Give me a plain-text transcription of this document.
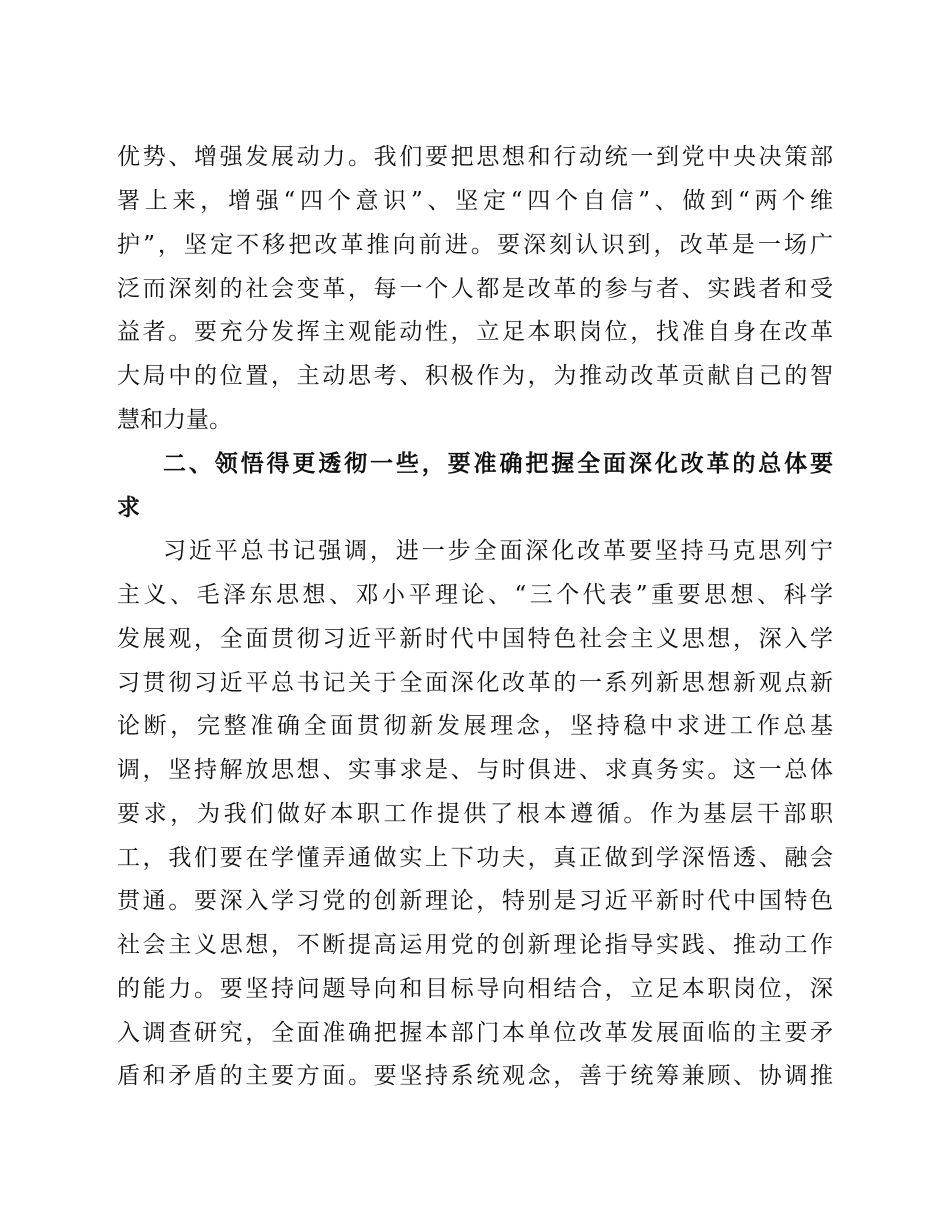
优势、增强发展动力。我们要把思想和行动统一到党中央决策部
署上来，增强“四个意识”、坚定“四个自信”、做到“两个维
护”，坚定不移把改革推向前进。要深刻认识到，改革是一场广
泛而深刻的社会变革，每一个人都是改革的参与者、实践者和受
益者。要充分发挥主观能动性，立足本职岗位，找准自身在改革
大局中的位置，主动思考、积极作为，为推动改革贡献自己的智
慧和力量。
二、领悟得更透彻一些，要准确把握全面深化改革的总体要
求
习近平总书记强调，进一步全面深化改革要坚持马克思列宁
主义、毛泽东思想、邓小平理论、“三个代表”重要思想、科学
发展观，全面贯彻习近平新时代中国特色社会主义思想，深入学
习贯彻习近平总书记关于全面深化改革的一系列新思想新观点新
论断，完整准确全面贯彻新发展理念，坚持稳中求进工作总基
调，坚持解放思想、实事求是、与时俱进、求真务实。这一总体
要求，为我们做好本职工作提供了根本遵循。作为基层干部职
工，我们要在学懂弄通做实上下功夫，真正做到学深悟透、融会
贯通。要深入学习党的创新理论，特别是习近平新时代中国特色
社会主义思想，不断提高运用党的创新理论指导实践、推动工作
的能力。要坚持问题导向和目标导向相结合，立足本职岗位，深
入调查研究，全面准确把握本部门本单位改革发展面临的主要矛
盾和矛盾的主要方面。要坚持系统观念，善于统筹兼顾、协调推
